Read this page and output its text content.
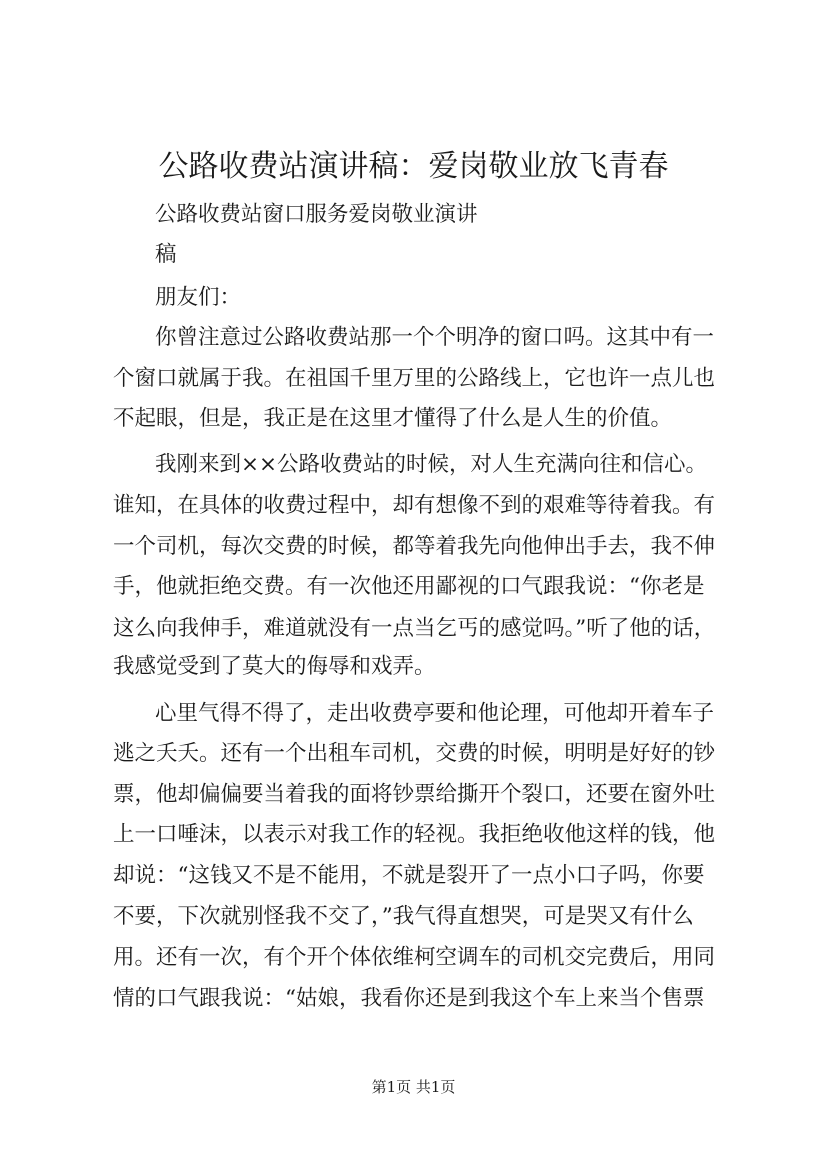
公路收费站演讲稿：爱岗敬业放飞青春
公路收费站窗口服务爱岗敬业演讲
稿
朋友们：
你曾注意过公路收费站那一个个明净的窗口吗。这其中有一
个窗口就属于我。在祖国千里万里的公路线上，它也许一点儿也
不起眼，但是，我正是在这里才懂得了什么是人生的价值。
我刚来到××公路收费站的时候，对人生充满向往和信心。
谁知，在具体的收费过程中，却有想像不到的艰难等待着我。有
一个司机，每次交费的时候，都等着我先向他伸出手去，我不伸
手，他就拒绝交费。有一次他还用鄙视的口气跟我说：“你老是
这么向我伸手，难道就没有一点当乞丐的感觉吗。”听了他的话，
我感觉受到了莫大的侮辱和戏弄。
心里气得不得了，走出收费亭要和他论理，可他却开着车子
逃之夭夭。还有一个出租车司机，交费的时候，明明是好好的钞
票，他却偏偏要当着我的面将钞票给撕开个裂口，还要在窗外吐
上一口唾沫，以表示对我工作的轻视。我拒绝收他这样的钱，他
却说：“这钱又不是不能用，不就是裂开了一点小口子吗，你要
不要，下次就别怪我不交了，”我气得直想哭，可是哭又有什么
用。还有一次，有个开个体依维柯空调车的司机交完费后，用同
情的口气跟我说：“姑娘，我看你还是到我这个车上来当个售票
第1页 共1页
